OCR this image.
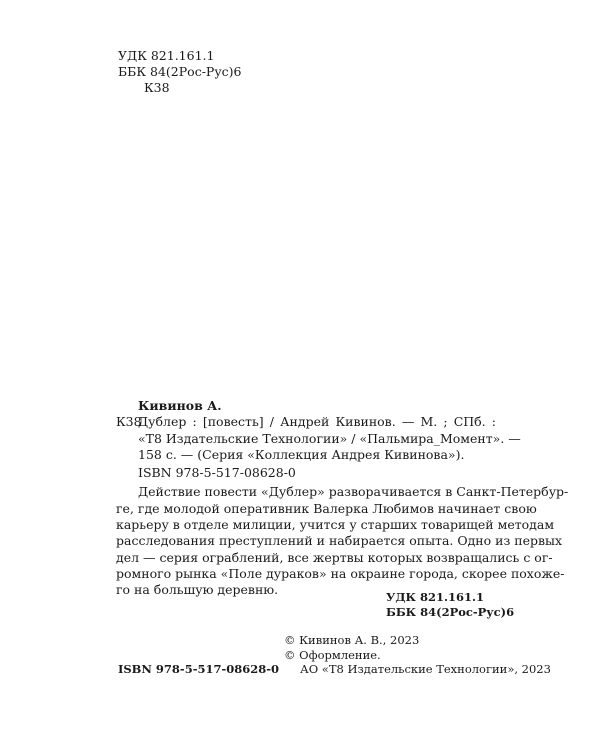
УДК 821.161.1
ББК 84(2Рос-Рус)6
К38
Кивинов А.
К38
Дублер : [повесть] / Андрей Кивинов. — М. ; СПб. :
«Т8 Издательские Технологии» / «Пальмира_Момент». —
158 с. — (Серия «Коллекция Андрея Кивинова»).
ISBN 978-5-517-08628-0
Действие повести «Дублер» разворачивается в Санкт-Петербур-
ге, где молодой оперативник Валерка Любимов начинает свою
карьеру в отделе милиции, учится у старших товарищей методам
расследования преступлений и набирается опыта. Одно из первых
дел — серия ограблений, все жертвы которых возвращались с ог-
ромного рынка «Поле дураков» на окраине города, скорее похоже-
го на большую деревню.	УДК 821.161.1
ББК 84(2Рос-Рус)6
© Кивинов А. В., 2023
© Оформление.
АО «Т8 Издательские Технологии», 2023
ISBN 978-5-517-08628-0
